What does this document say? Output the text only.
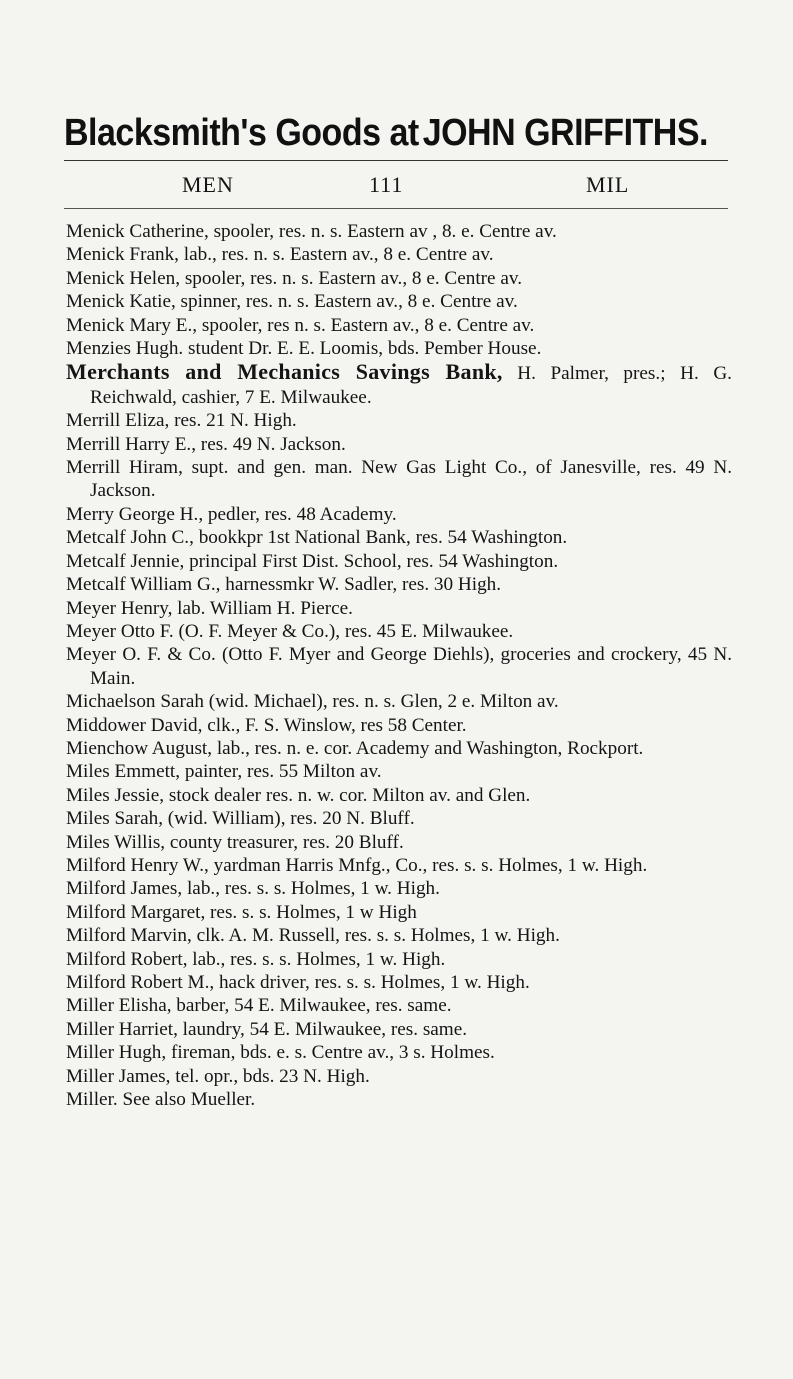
Blacksmith's Goods at JOHN GRIFFITHS.
MEN	111	MIL
Menick Catherine, spooler, res. n. s. Eastern av , 8. e. Centre av.
Menick Frank, lab., res. n. s. Eastern av., 8 e. Centre av.
Menick Helen, spooler, res. n. s. Eastern av., 8 e. Centre av.
Menick Katie, spinner, res. n. s. Eastern av., 8 e. Centre av.
Menick Mary E., spooler, res n. s. Eastern av., 8 e. Centre av.
Menzies Hugh. student Dr. E. E. Loomis, bds. Pember House.
Merchants and Mechanics Savings Bank, H. Palmer, pres.; H. G. Reichwald, cashier, 7 E. Milwaukee.
Merrill Eliza, res. 21 N. High.
Merrill Harry E., res. 49 N. Jackson.
Merrill Hiram, supt. and gen. man. New Gas Light Co., of Janesville, res. 49 N. Jackson.
Merry George H., pedler, res. 48 Academy.
Metcalf John C., bookkpr 1st National Bank, res. 54 Washington.
Metcalf Jennie, principal First Dist. School, res. 54 Washington.
Metcalf William G., harnessmkr W. Sadler, res. 30 High.
Meyer Henry, lab. William H. Pierce.
Meyer Otto F. (O. F. Meyer & Co.), res. 45 E. Milwaukee.
Meyer O. F. & Co. (Otto F. Myer and George Diehls), groceries and crockery, 45 N. Main.
Michaelson Sarah (wid. Michael), res. n. s. Glen, 2 e. Milton av.
Middower David, clk., F. S. Winslow, res 58 Center.
Mienchow August, lab., res. n. e. cor. Academy and Washington, Rockport.
Miles Emmett, painter, res. 55 Milton av.
Miles Jessie, stock dealer res. n. w. cor. Milton av. and Glen.
Miles Sarah, (wid. William), res. 20 N. Bluff.
Miles Willis, county treasurer, res. 20 Bluff.
Milford Henry W., yardman Harris Mnfg., Co., res. s. s. Holmes, 1 w. High.
Milford James, lab., res. s. s. Holmes, 1 w. High.
Milford Margaret, res. s. s. Holmes, 1 w High
Milford Marvin, clk. A. M. Russell, res. s. s. Holmes, 1 w. High.
Milford Robert, lab., res. s. s. Holmes, 1 w. High.
Milford Robert M., hack driver, res. s. s. Holmes, 1 w. High.
Miller Elisha, barber, 54 E. Milwaukee, res. same.
Miller Harriet, laundry, 54 E. Milwaukee, res. same.
Miller Hugh, fireman, bds. e. s. Centre av., 3 s. Holmes.
Miller James, tel. opr., bds. 23 N. High.
Miller. See also Mueller.
